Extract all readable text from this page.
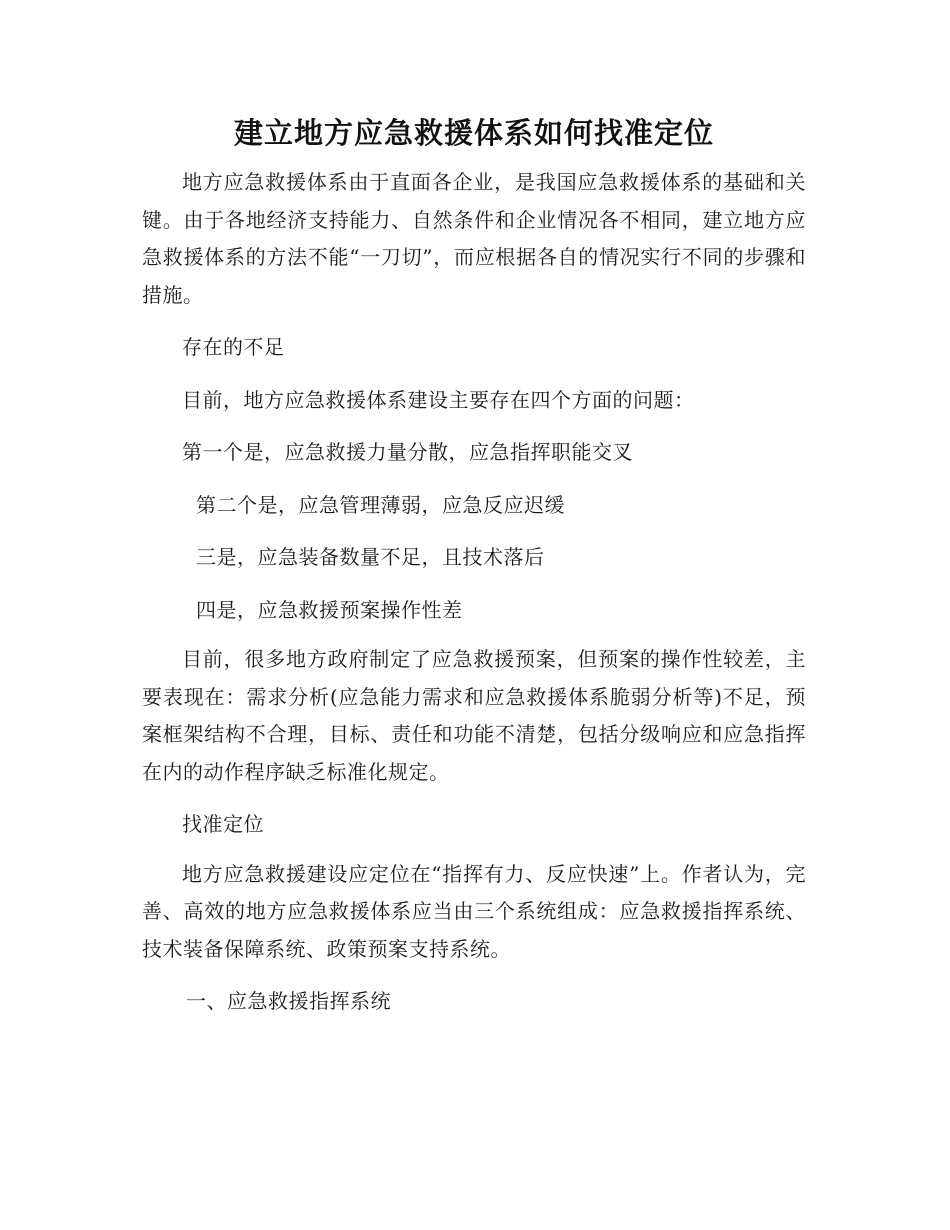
建立地方应急救援体系如何找准定位

地方应急救援体系由于直面各企业，是我国应急救援体系的基础和关键。由于各地经济支持能力、自然条件和企业情况各不相同，建立地方应急救援体系的方法不能“一刀切”，而应根据各自的情况实行不同的步骤和措施。

存在的不足

目前，地方应急救援体系建设主要存在四个方面的问题：

第一个是，应急救援力量分散，应急指挥职能交叉

第二个是，应急管理薄弱，应急反应迟缓

三是，应急装备数量不足，且技术落后

四是，应急救援预案操作性差

目前，很多地方政府制定了应急救援预案，但预案的操作性较差，主要表现在：需求分析(应急能力需求和应急救援体系脆弱分析等)不足，预案框架结构不合理，目标、责任和功能不清楚，包括分级响应和应急指挥在内的动作程序缺乏标准化规定。

找准定位

地方应急救援建设应定位在“指挥有力、反应快速”上。作者认为，完善、高效的地方应急救援体系应当由三个系统组成：应急救援指挥系统、技术装备保障系统、政策预案支持系统。

一、应急救援指挥系统
